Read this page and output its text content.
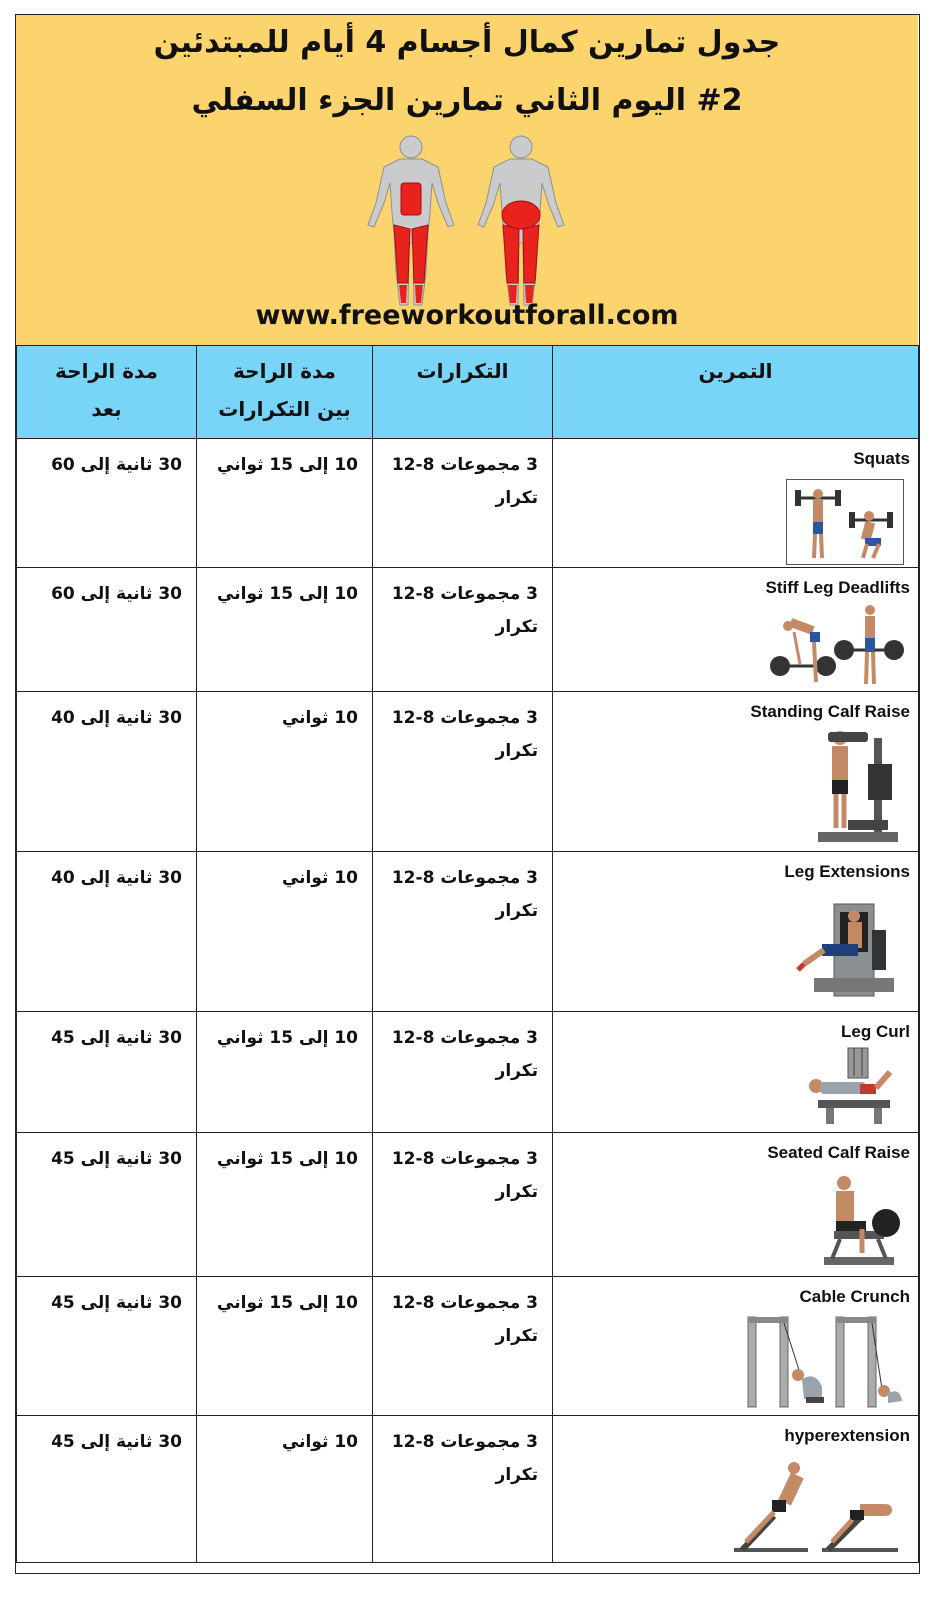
جدول تمارين كمال أجسام 4 أيام للمبتدئين
#2 اليوم الثاني تمارين الجزء السفلي
www.freeworkoutforall.com
مدة الراحة بعد	مدة الراحة بين التكرارات	التكرارات	التمرين
30 ثانية إلى 60	10 إلى 15 ثواني	3 مجموعات 8-12 تكرار	Squats

30 ثانية إلى 60	10 إلى 15 ثواني	3 مجموعات 8-12 تكرار	Stiff Leg Deadlifts

30 ثانية إلى 40	10 ثواني	3 مجموعات 8-12 تكرار	Standing Calf Raise

30 ثانية إلى 40	10 ثواني	3 مجموعات 8-12 تكرار	Leg Extensions

30 ثانية إلى 45	10 إلى 15 ثواني	3 مجموعات 8-12 تكرار	Leg Curl

30 ثانية إلى 45	10 إلى 15 ثواني	3 مجموعات 8-12 تكرار	Seated Calf Raise

30 ثانية إلى 45	10 إلى 15 ثواني	3 مجموعات 8-12 تكرار	Cable Crunch

30 ثانية إلى 45	10 ثواني	3 مجموعات 8-12 تكرار	hyperextension
